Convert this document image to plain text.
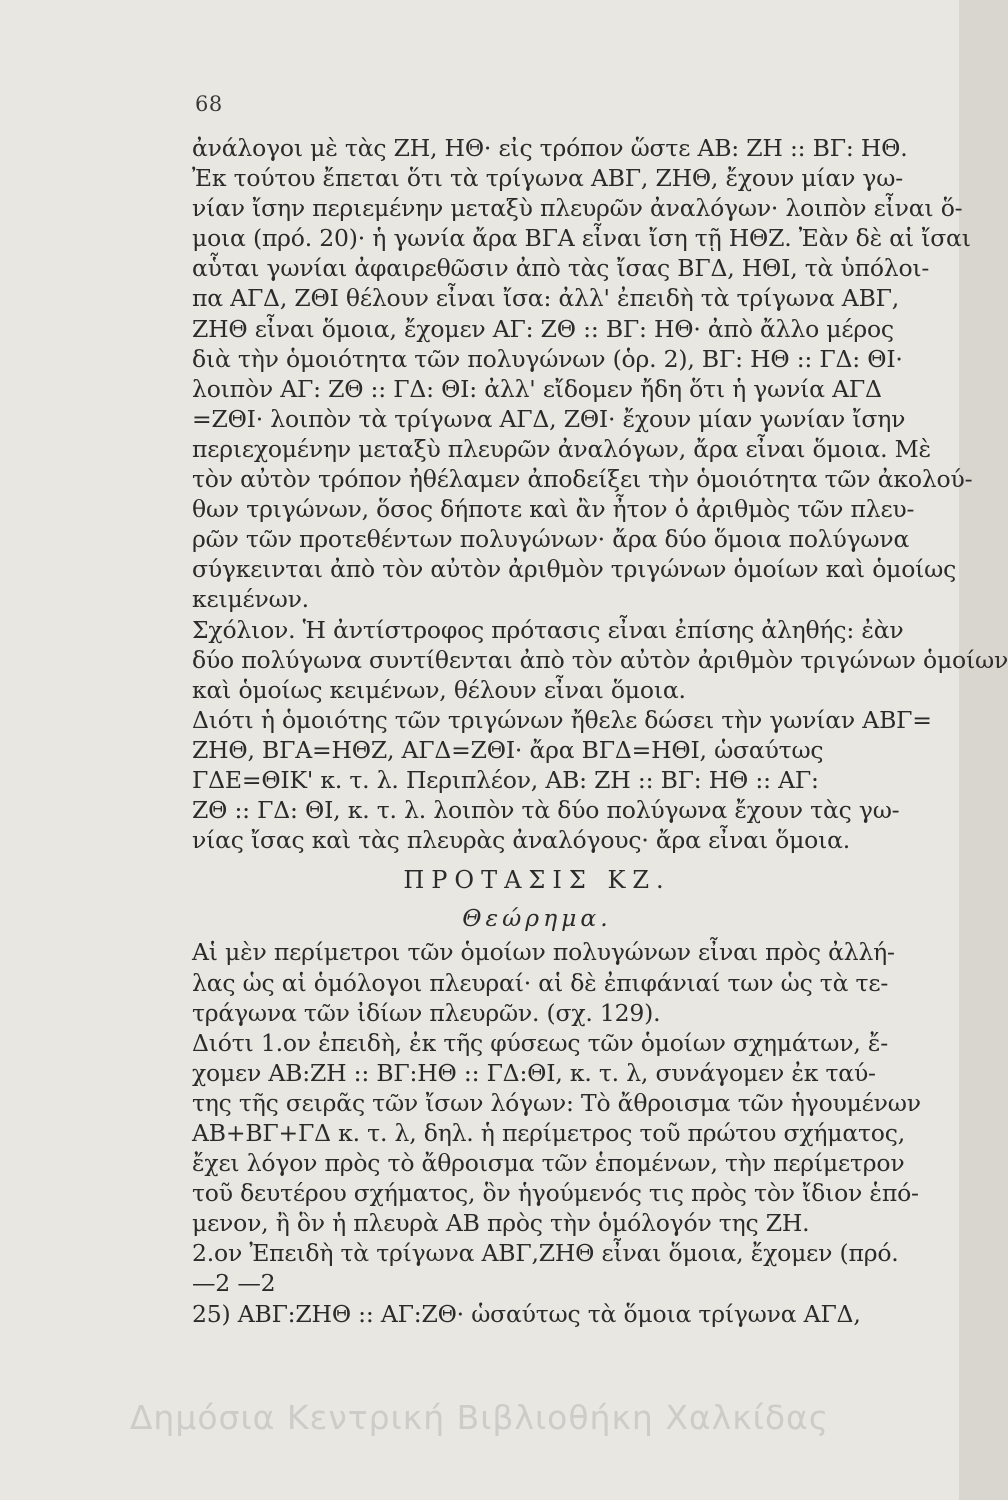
68
ἀνάλογοι μὲ τὰς ΖΗ, ΗΘ· εἰς τρόπον ὥστε ΑΒ: ΖΗ :: ΒΓ: ΗΘ.
Ἐκ τούτου ἔπεται ὅτι τὰ τρίγωνα ΑΒΓ, ΖΗΘ, ἔχουν μίαν γω-
νίαν ἴσην περιεμένην μεταξὺ πλευρῶν ἀναλόγων· λοιπὸν εἶναι ὅ-
μοια (πρό. 20)· ἡ γωνία ἄρα ΒΓΑ εἶναι ἴση τῇ ΗΘΖ. Ἐὰν δὲ αἱ ἴσαι
αὗται γωνίαι ἀφαιρεθῶσιν ἀπὸ τὰς ἴσας ΒΓΔ, ΗΘΙ, τὰ ὑπόλοι-
πα ΑΓΔ, ΖΘΙ θέλουν εἶναι ἴσα: ἀλλ' ἐπειδὴ τὰ τρίγωνα ΑΒΓ,
ΖΗΘ εἶναι ὅμοια, ἔχομεν ΑΓ: ΖΘ :: ΒΓ: ΗΘ· ἀπὸ ἄλλο μέρος
διὰ τὴν ὁμοιότητα τῶν πολυγώνων (ὁρ. 2), ΒΓ: ΗΘ :: ΓΔ: ΘΙ·
λοιπὸν ΑΓ: ΖΘ :: ΓΔ: ΘΙ: ἀλλ' εἴδομεν ἤδη ὅτι ἡ γωνία ΑΓΔ
=ΖΘΙ· λοιπὸν τὰ τρίγωνα ΑΓΔ, ΖΘΙ· ἔχουν μίαν γωνίαν ἴσην
περιεχομένην μεταξὺ πλευρῶν ἀναλόγων, ἄρα εἶναι ὅμοια. Μὲ
τὸν αὐτὸν τρόπον ἠθέλαμεν ἀποδείξει τὴν ὁμοιότητα τῶν ἀκολού-
θων τριγώνων, ὅσος δήποτε καὶ ἂν ἦτον ὁ ἀριθμὸς τῶν πλευ-
ρῶν τῶν προτεθέντων πολυγώνων· ἄρα δύο ὅμοια πολύγωνα
σύγκεινται ἀπὸ τὸν αὐτὸν ἀριθμὸν τριγώνων ὁμοίων καὶ ὁμοίως
κειμένων.
Σχόλιον. Ἡ ἀντίστροφος πρότασις εἶναι ἐπίσης ἀληθής: ἐὰν
δύο πολύγωνα συντίθενται ἀπὸ τὸν αὐτὸν ἀριθμὸν τριγώνων ὁμοίων
καὶ ὁμοίως κειμένων, θέλουν εἶναι ὅμοια.
Διότι ἡ ὁμοιότης τῶν τριγώνων ἤθελε δώσει τὴν γωνίαν ΑΒΓ=
ΖΗΘ, ΒΓΑ=ΗΘΖ, ΑΓΔ=ΖΘΙ· ἄρα ΒΓΔ=ΗΘΙ, ὡσαύτως
ΓΔΕ=ΘΙΚ' κ. τ. λ. Περιπλέον, ΑΒ: ΖΗ :: ΒΓ: ΗΘ :: ΑΓ:
ΖΘ :: ΓΔ: ΘΙ, κ. τ. λ. λοιπὸν τὰ δύο πολύγωνα ἔχουν τὰς γω-
νίας ἴσας καὶ τὰς πλευρὰς ἀναλόγους· ἄρα εἶναι ὅμοια.
ΠΡΟΤΑΣΙΣ ΚΖ.
Θεώρημα.
Αἱ μὲν περίμετροι τῶν ὁμοίων πολυγώνων εἶναι πρὸς ἀλλή-
λας ὡς αἱ ὁμόλογοι πλευραί· αἱ δὲ ἐπιφάνιαί των ὡς τὰ τε-
τράγωνα τῶν ἰδίων πλευρῶν. (σχ. 129).
Διότι 1.ον ἐπειδὴ, ἐκ τῆς φύσεως τῶν ὁμοίων σχημάτων, ἔ-
χομεν ΑΒ:ΖΗ :: ΒΓ:ΗΘ :: ΓΔ:ΘΙ, κ. τ. λ, συνάγομεν ἐκ ταύ-
της τῆς σειρᾶς τῶν ἴσων λόγων: Τὸ ἄθροισμα τῶν ἡγουμένων
ΑΒ+ΒΓ+ΓΔ κ. τ. λ, δηλ. ἡ περίμετρος τοῦ πρώτου σχήματος,
ἔχει λόγον πρὸς τὸ ἄθροισμα τῶν ἑπομένων, τὴν περίμετρον
τοῦ δευτέρου σχήματος, ὃν ἡγούμενός τις πρὸς τὸν ἴδιον ἑπό-
μενον, ἢ ὃν ἡ πλευρὰ ΑΒ πρὸς τὴν ὁμόλογόν της ΖΗ.
2.ον Ἐπειδὴ τὰ τρίγωνα ΑΒΓ,ΖΗΘ εἶναι ὅμοια, ἔχομεν (πρό.
—2 —2
25) ΑΒΓ:ΖΗΘ :: ΑΓ:ΖΘ· ὡσαύτως τὰ ὅμοια τρίγωνα ΑΓΔ,
Δημόσια Κεντρική Βιβλιοθήκη Χαλκίδας
